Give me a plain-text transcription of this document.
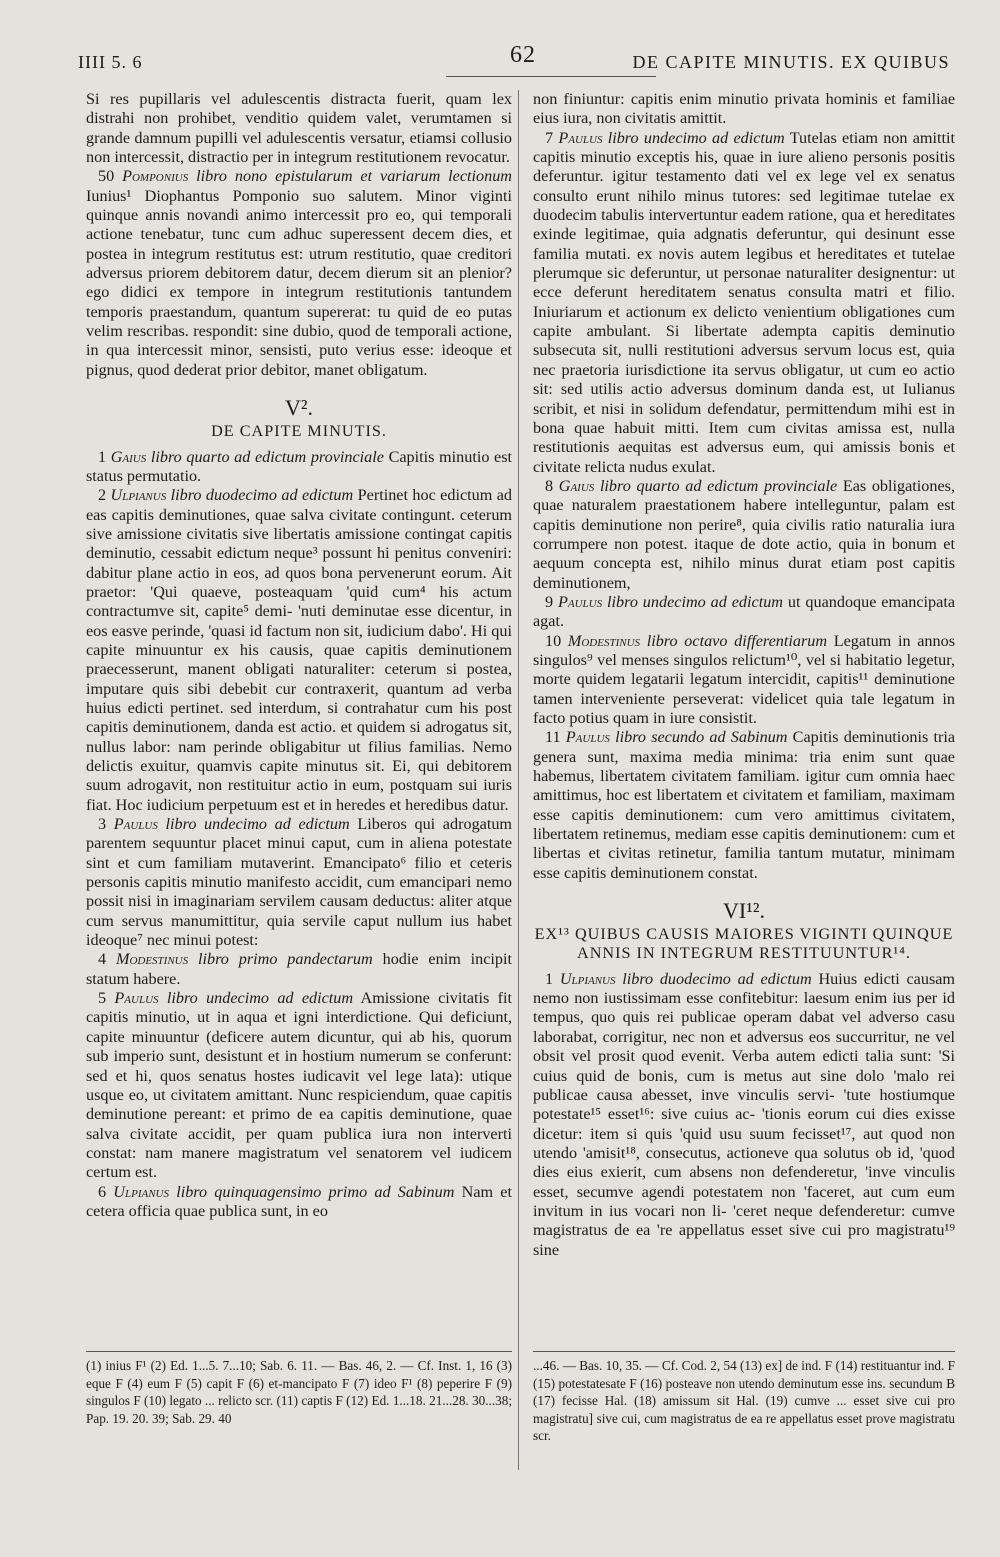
IIII 5. 6	62	DE CAPITE MINUTIS. EX QUIBUS

Si res pupillaris vel adulescentis distracta fuerit, quam lex distrahi non prohibet, venditio quidem valet, verumtamen si grande damnum pupilli vel adulescentis versatur, etiamsi collusio non intercessit, distractio per in integrum restitutionem revocatur.

50 Pomponius libro nono epistularum et variarum lectionum Iunius¹ Diophantus Pomponio suo salutem. Minor viginti quinque annis novandi animo intercessit pro eo, qui temporali actione tenebatur, tunc cum adhuc superessent decem dies, et postea in integrum restitutus est: utrum restitutio, quae creditori adversus priorem debitorem datur, decem dierum sit an plenior? ego didici ex tempore in integrum restitutionis tantundem temporis praestandum, quantum supererat: tu quid de eo putas velim rescribas. respondit: sine dubio, quod de temporali actione, in qua intercessit minor, sensisti, puto verius esse: ideoque et pignus, quod dederat prior debitor, manet obligatum.

V².
DE CAPITE MINUTIS.

1 Gaius libro quarto ad edictum provinciale Capitis minutio est status permutatio.

2 Ulpianus libro duodecimo ad edictum Pertinet hoc edictum ad eas capitis deminutiones, quae salva civitate contingunt. ceterum sive amissione civitatis sive libertatis amissione contingat capitis deminutio, cessabit edictum neque³ possunt hi penitus conveniri: dabitur plane actio in eos, ad quos bona pervenerunt eorum. Ait praetor: 'Qui quaeve, posteaquam 'quid cum⁴ his actum contractumve sit, capite⁵ demi- 'nuti deminutae esse dicentur, in eos easve perinde, 'quasi id factum non sit, iudicium dabo'. Hi qui capite minuuntur ex his causis, quae capitis deminutionem praecesserunt, manent obligati naturaliter: ceterum si postea, imputare quis sibi debebit cur contraxerit, quantum ad verba huius edicti pertinet. sed interdum, si contrahatur cum his post capitis deminutionem, danda est actio. et quidem si adrogatus sit, nullus labor: nam perinde obligabitur ut filius familias. Nemo delictis exuitur, quamvis capite minutus sit. Ei, qui debitorem suum adrogavit, non restituitur actio in eum, postquam sui iuris fiat. Hoc iudicium perpetuum est et in heredes et heredibus datur.

3 Paulus libro undecimo ad edictum Liberos qui adrogatum parentem sequuntur placet minui caput, cum in aliena potestate sint et cum familiam mutaverint. Emancipato⁶ filio et ceteris personis capitis minutio manifesto accidit, cum emancipari nemo possit nisi in imaginariam servilem causam deductus: aliter atque cum servus manumittitur, quia servile caput nullum ius habet ideoque⁷ nec minui potest:

4 Modestinus libro primo pandectarum hodie enim incipit statum habere.

5 Paulus libro undecimo ad edictum Amissione civitatis fit capitis minutio, ut in aqua et igni interdictione. Qui deficiunt, capite minuuntur (deficere autem dicuntur, qui ab his, quorum sub imperio sunt, desistunt et in hostium numerum se conferunt: sed et hi, quos senatus hostes iudicavit vel lege lata): utique usque eo, ut civitatem amittant. Nunc respiciendum, quae capitis deminutione pereant: et primo de ea capitis deminutione, quae salva civitate accidit, per quam publica iura non interverti constat: nam manere magistratum vel senatorem vel iudicem certum est.

6 Ulpianus libro quinquagensimo primo ad Sabinum Nam et cetera officia quae publica sunt, in eo

non finiuntur: capitis enim minutio privata hominis et familiae eius iura, non civitatis amittit.

7 Paulus libro undecimo ad edictum Tutelas etiam non amittit capitis minutio exceptis his, quae in iure alieno personis positis deferuntur. igitur testamento dati vel ex lege vel ex senatus consulto erunt nihilo minus tutores: sed legitimae tutelae ex duodecim tabulis intervertuntur eadem ratione, qua et hereditates exinde legitimae, quia adgnatis deferuntur, qui desinunt esse familia mutati. ex novis autem legibus et hereditates et tutelae plerumque sic deferuntur, ut personae naturaliter designentur: ut ecce deferunt hereditatem senatus consulta matri et filio. Iniuriarum et actionum ex delicto venientium obligationes cum capite ambulant. Si libertate adempta capitis deminutio subsecuta sit, nulli restitutioni adversus servum locus est, quia nec praetoria iurisdictione ita servus obligatur, ut cum eo actio sit: sed utilis actio adversus dominum danda est, ut Iulianus scribit, et nisi in solidum defendatur, permittendum mihi est in bona quae habuit mitti. Item cum civitas amissa est, nulla restitutionis aequitas est adversus eum, qui amissis bonis et civitate relicta nudus exulat.

8 Gaius libro quarto ad edictum provinciale Eas obligationes, quae naturalem praestationem habere intelleguntur, palam est capitis deminutione non perire⁸, quia civilis ratio naturalia iura corrumpere non potest. itaque de dote actio, quia in bonum et aequum concepta est, nihilo minus durat etiam post capitis deminutionem,

9 Paulus libro undecimo ad edictum ut quandoque emancipata agat.

10 Modestinus libro octavo differentiarum Legatum in annos singulos⁹ vel menses singulos relictum¹⁰, vel si habitatio legetur, morte quidem legatarii legatum intercidit, capitis¹¹ deminutione tamen interveniente perseverat: videlicet quia tale legatum in facto potius quam in iure consistit.

11 Paulus libro secundo ad Sabinum Capitis deminutionis tria genera sunt, maxima media minima: tria enim sunt quae habemus, libertatem civitatem familiam. igitur cum omnia haec amittimus, hoc est libertatem et civitatem et familiam, maximam esse capitis deminutionem: cum vero amittimus civitatem, libertatem retinemus, mediam esse capitis deminutionem: cum et libertas et civitas retinetur, familia tantum mutatur, minimam esse capitis deminutionem constat.

VI¹².
EX¹³ QUIBUS CAUSIS MAIORES VIGINTI QUINQUE ANNIS IN INTEGRUM RESTITUUNTUR¹⁴.

1 Ulpianus libro duodecimo ad edictum Huius edicti causam nemo non iustissimam esse confitebitur: laesum enim ius per id tempus, quo quis rei publicae operam dabat vel adverso casu laborabat, corrigitur, nec non et adversus eos succurritur, ne vel obsit vel prosit quod evenit. Verba autem edicti talia sunt: 'Si cuius quid de bonis, cum is metus aut sine dolo 'malo rei publicae causa abesset, inve vinculis servi- 'tute hostiumque potestate¹⁵ esset¹⁶: sive cuius ac- 'tionis eorum cui dies exisse dicetur: item si quis 'quid usu suum fecisset¹⁷, aut quod non utendo 'amisit¹⁸, consecutus, actioneve qua solutus ob id, 'quod dies eius exierit, cum absens non defenderetur, 'inve vinculis esset, secumve agendi potestatem non 'faceret, aut cum eum invitum in ius vocari non li- 'ceret neque defenderetur: cumve magistratus de ea 're appellatus esset sive cui pro magistratu¹⁹ sine

(1) inius F¹ (2) Ed. 1...5. 7...10; Sab. 6. 11. — Bas. 46, 2. — Cf. Inst. 1, 16 (3) eque F (4) eum F (5) capit F (6) et-mancipato F (7) ideo F¹ (8) peperire F (9) singulos F (10) legato ... relicto scr. (11) captis F (12) Ed. 1...18. 21...28. 30...38; Pap. 19. 20. 39; Sab. 29. 40

...46. — Bas. 10, 35. — Cf. Cod. 2, 54 (13) ex] de ind. F (14) restituantur ind. F (15) potestatesate F (16) posteave non utendo deminutum esse ins. secundum B (17) fecisse Hal. (18) amissum sit Hal. (19) cumve ... esset sive cui pro magistratu] sive cui, cum magistratus de ea re appellatus esset prove magistratu scr.
